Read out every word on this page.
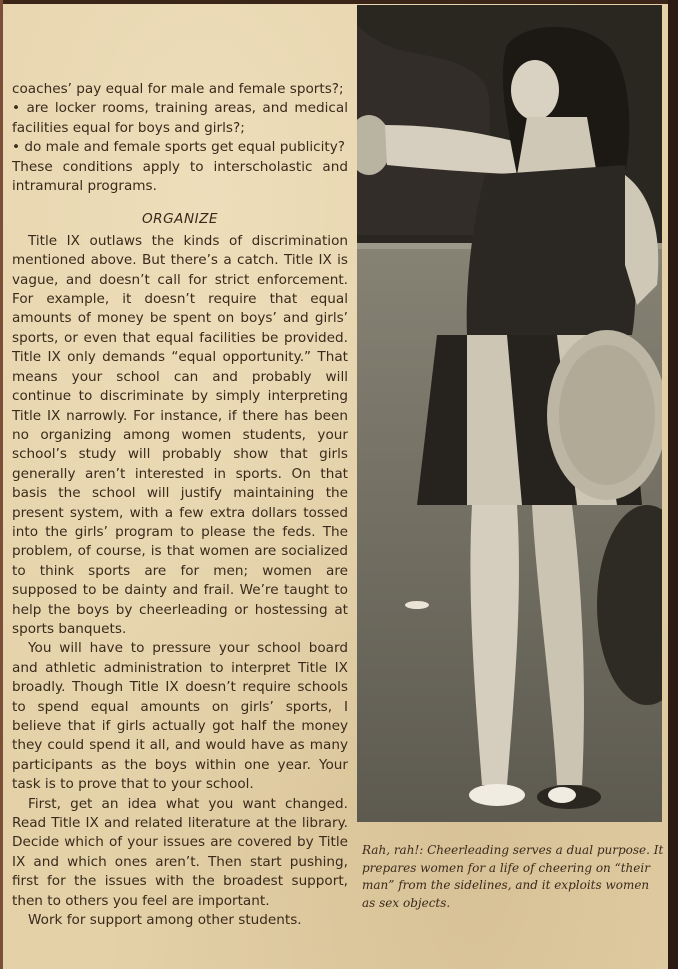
coaches’ pay equal for male and female sports?;

• are locker rooms, training areas, and medical facilities equal for boys and girls?;

• do male and female sports get equal publicity?

These conditions apply to interscholastic and intramural programs.

ORGANIZE

Title IX outlaws the kinds of discrimination mentioned above. But there’s a catch. Title IX is vague, and doesn’t call for strict enforcement. For example, it doesn’t require that equal amounts of money be spent on boys’ and girls’ sports, or even that equal facilities be provided. Title IX only demands “equal opportunity.” That means your school can and probably will continue to discriminate by simply interpreting Title IX narrowly. For instance, if there has been no organizing among women students, your school’s study will probably show that girls generally aren’t interested in sports. On that basis the school will justify maintaining the present system, with a few extra dollars tossed into the girls’ program to please the feds. The problem, of course, is that women are socialized to think sports are for men; women are supposed to be dainty and frail. We’re taught to help the boys by cheerleading or hostessing at sports banquets.

You will have to pressure your school board and athletic administration to interpret Title IX broadly. Though Title IX doesn’t require schools to spend equal amounts on girls’ sports, I believe that if girls actually got half the money they could spend it all, and would have as many participants as the boys within one year. Your task is to prove that to your school.

First, get an idea what you want changed. Read Title IX and related literature at the library. Decide which of your issues are covered by Title IX and which ones aren’t. Then start pushing, first for the issues with the broadest support, then to others you feel are important.

Work for support among other students.

Rah, rah!: Cheerleading serves a dual purpose. It prepares women for a life of cheering on “their man” from the sidelines, and it exploits women as sex objects.
